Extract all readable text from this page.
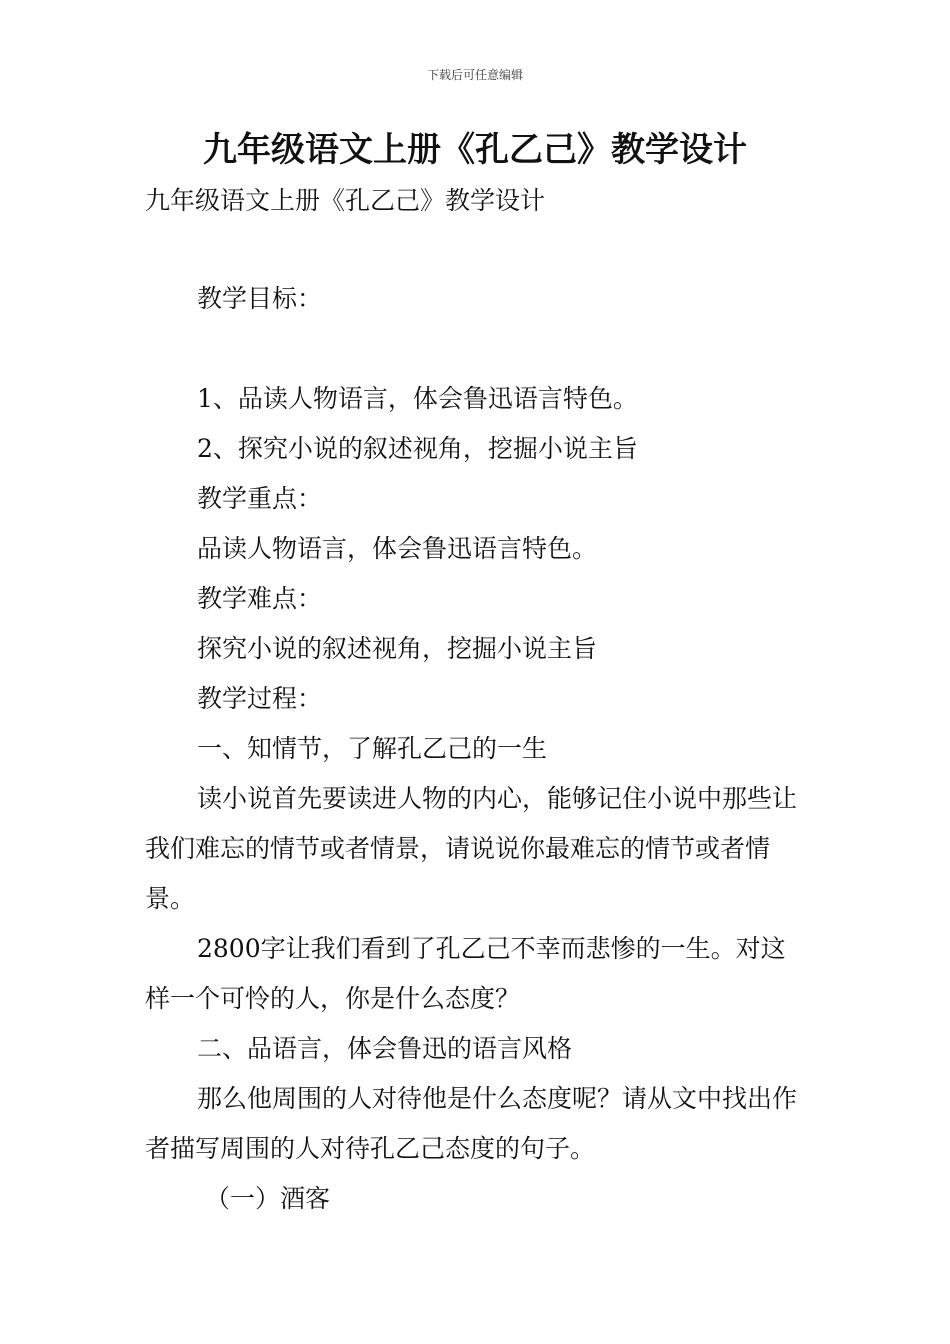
下载后可任意编辑
九年级语文上册《孔乙己》教学设计
九年级语文上册《孔乙己》教学设计
教学目标：
1、品读人物语言，体会鲁迅语言特色。
2、探究小说的叙述视角，挖掘小说主旨
教学重点：
品读人物语言，体会鲁迅语言特色。
教学难点：
探究小说的叙述视角，挖掘小说主旨
教学过程：
一、知情节，了解孔乙己的一生
读小说首先要读进人物的内心，能够记住小说中那些让我们难忘的情节或者情景，请说说你最难忘的情节或者情景。
2800字让我们看到了孔乙己不幸而悲惨的一生。对这样一个可怜的人，你是什么态度？
二、品语言，体会鲁迅的语言风格
那么他周围的人对待他是什么态度呢？请从文中找出作者描写周围的人对待孔乙己态度的句子。
（一）酒客
